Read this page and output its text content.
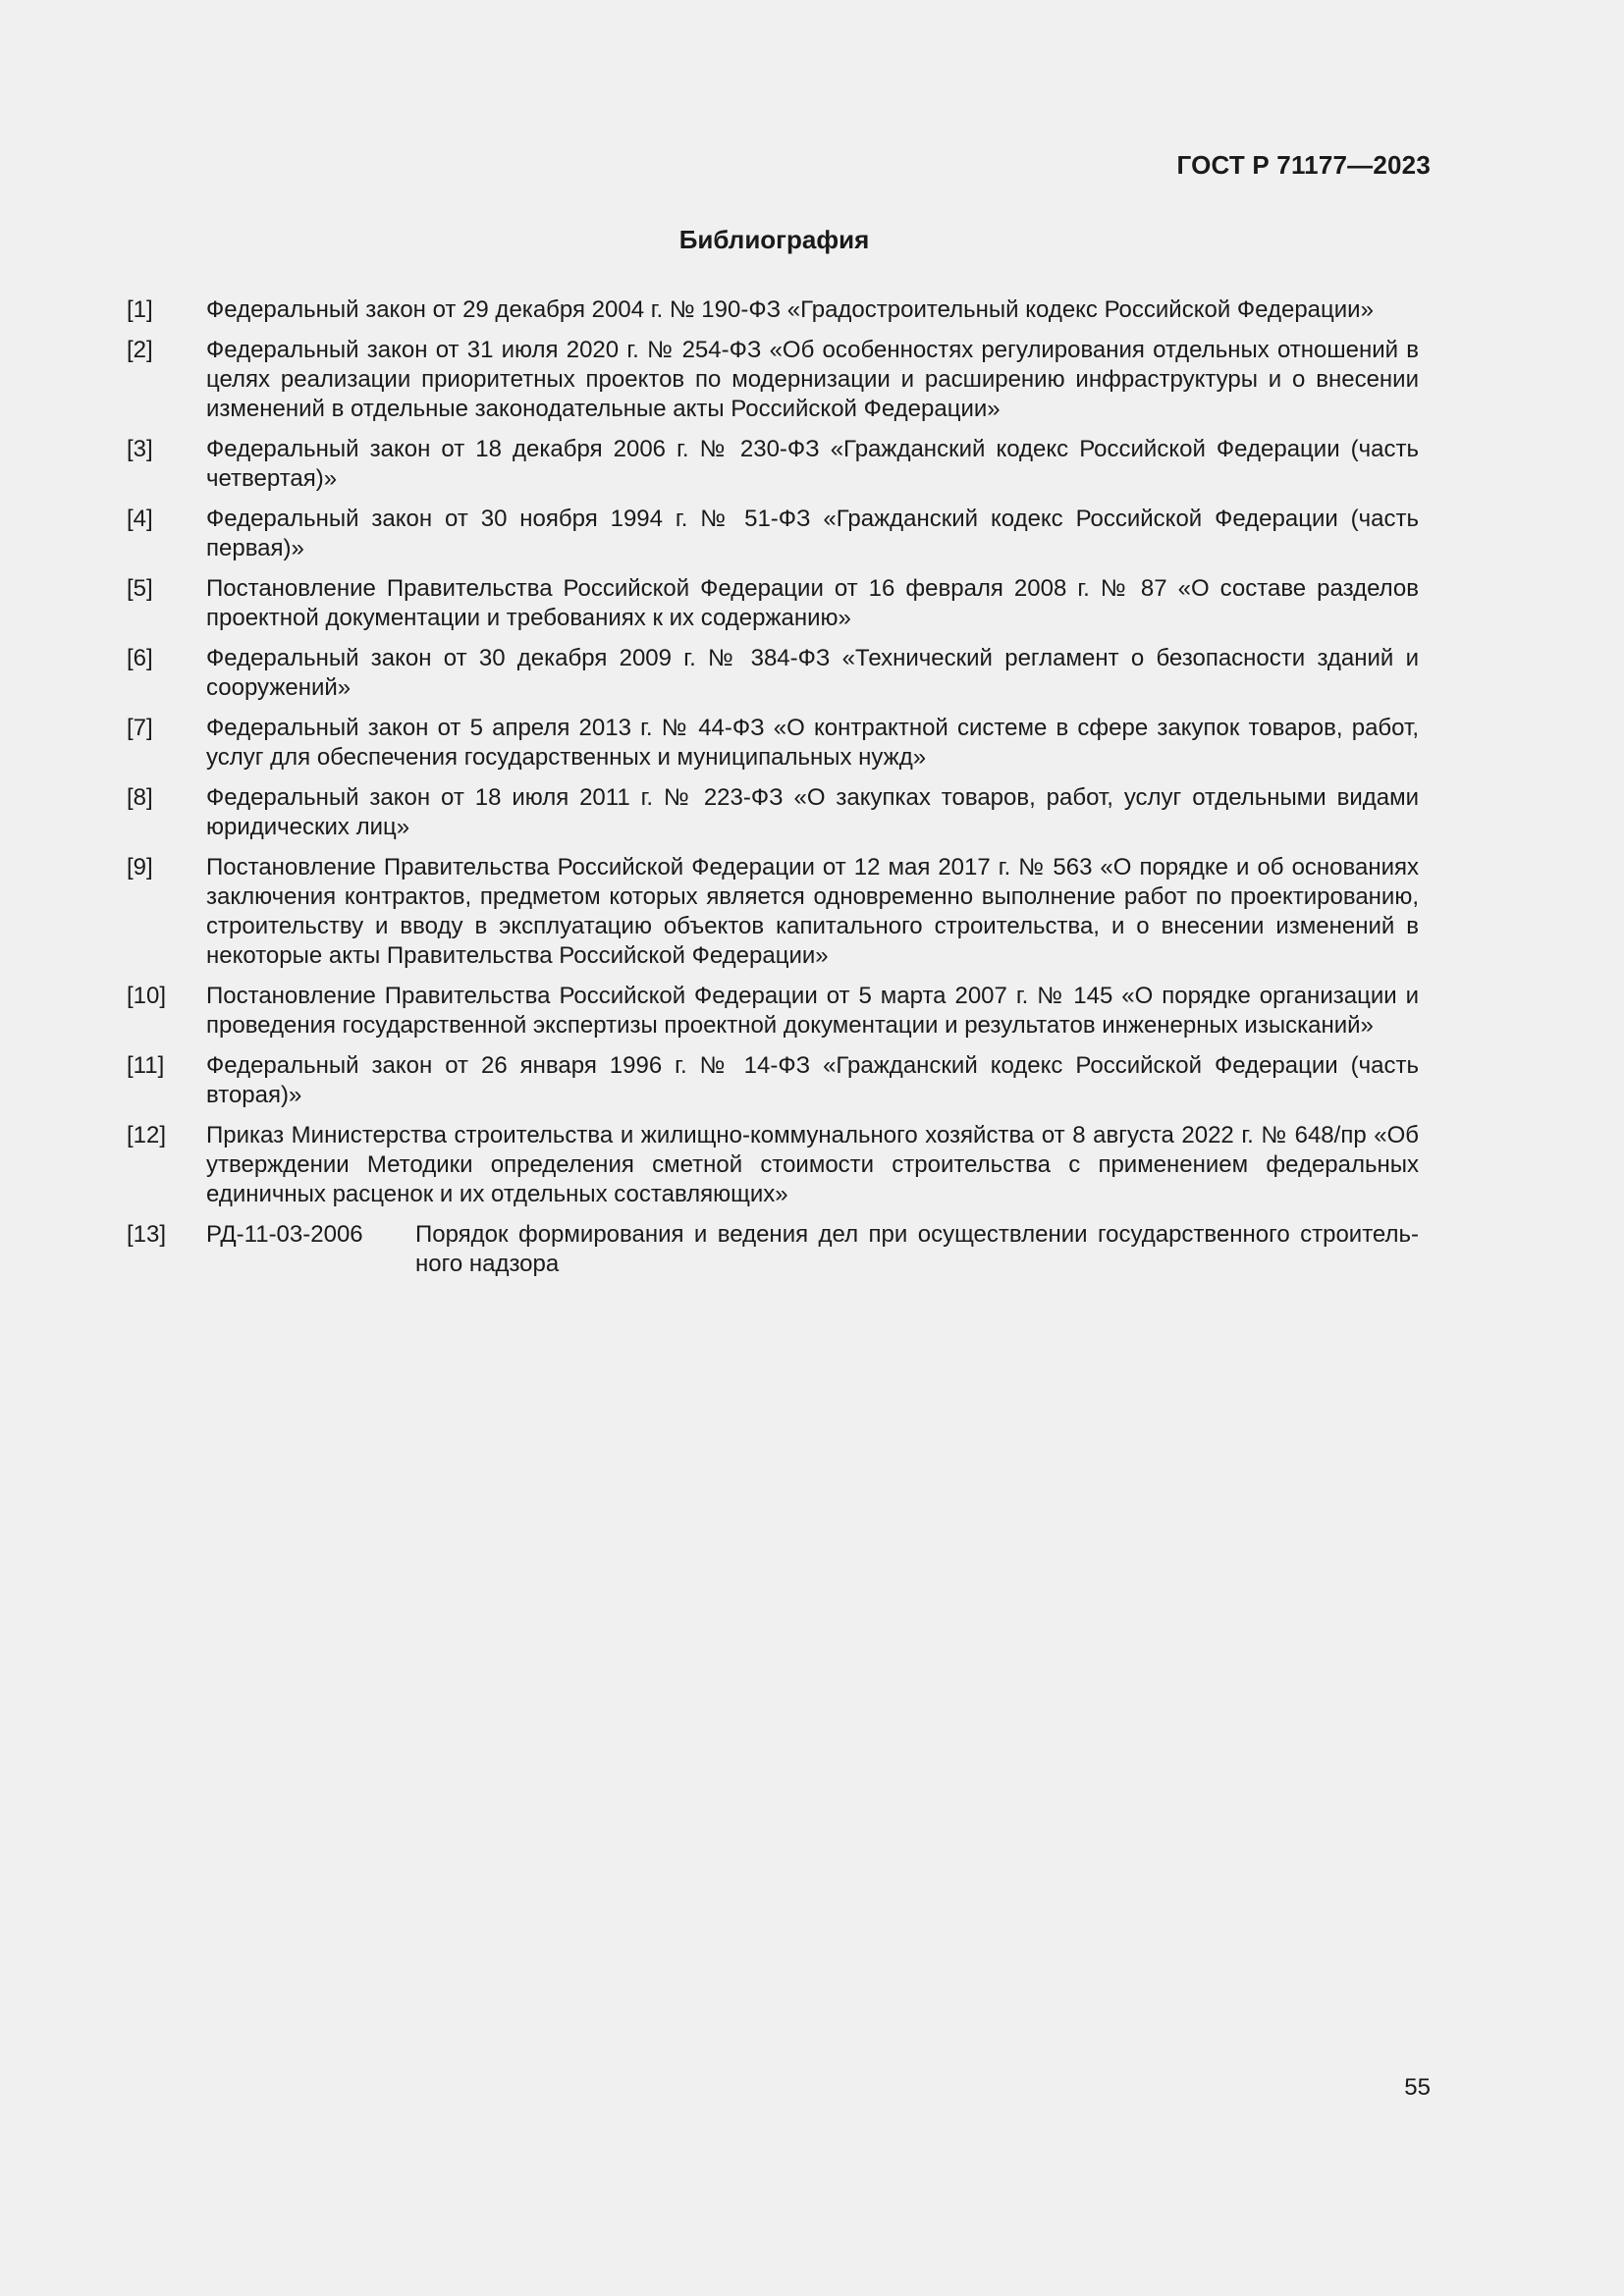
ГОСТ Р 71177—2023
Библиография
[1]	Федеральный закон от 29 декабря 2004 г. № 190-ФЗ «Градостроительный кодекс Российской Федерации»
[2]	Федеральный закон от 31 июля 2020 г. № 254-ФЗ «Об особенностях регулирования отдельных отношений в целях реализации приоритетных проектов по модернизации и расширению инфраструктуры и о внесении изменений в отдельные законодательные акты Российской Федерации»
[3]	Федеральный закон от 18 декабря 2006 г. № 230-ФЗ «Гражданский кодекс Российской Федерации (часть четвертая)»
[4]	Федеральный закон от 30 ноября 1994 г. № 51-ФЗ «Гражданский кодекс Российской Федерации (часть первая)»
[5]	Постановление Правительства Российской Федерации от 16 февраля 2008 г. № 87 «О составе разделов проектной документации и требованиях к их содержанию»
[6]	Федеральный закон от 30 декабря 2009 г. № 384-ФЗ «Технический регламент о безопасности зданий и сооружений»
[7]	Федеральный закон от 5 апреля 2013 г. № 44-ФЗ «О контрактной системе в сфере закупок товаров, работ, услуг для обеспечения государственных и муниципальных нужд»
[8]	Федеральный закон от 18 июля 2011 г. № 223-ФЗ «О закупках товаров, работ, услуг отдельными видами юридических лиц»
[9]	Постановление Правительства Российской Федерации от 12 мая 2017 г. № 563 «О порядке и об основаниях заключения контрактов, предметом которых является одновременно выполнение работ по проектированию, строительству и вводу в эксплуатацию объектов капитального строительства, и о внесении изменений в некоторые акты Правительства Российской Федерации»
[10]	Постановление Правительства Российской Федерации от 5 марта 2007 г. № 145 «О порядке организации и проведения государственной экспертизы проектной документации и результатов инженерных изысканий»
[11]	Федеральный закон от 26 января 1996 г. № 14-ФЗ «Гражданский кодекс Российской Федерации (часть вторая)»
[12]	Приказ Министерства строительства и жилищно-коммунального хозяйства от 8 августа 2022 г. № 648/пр «Об утверждении Методики определения сметной стоимости строительства с применением федеральных единичных расценок и их отдельных составляющих»
[13]	РД-11-03-2006	Порядок формирования и ведения дел при осуществлении государственного строительного надзора
55
